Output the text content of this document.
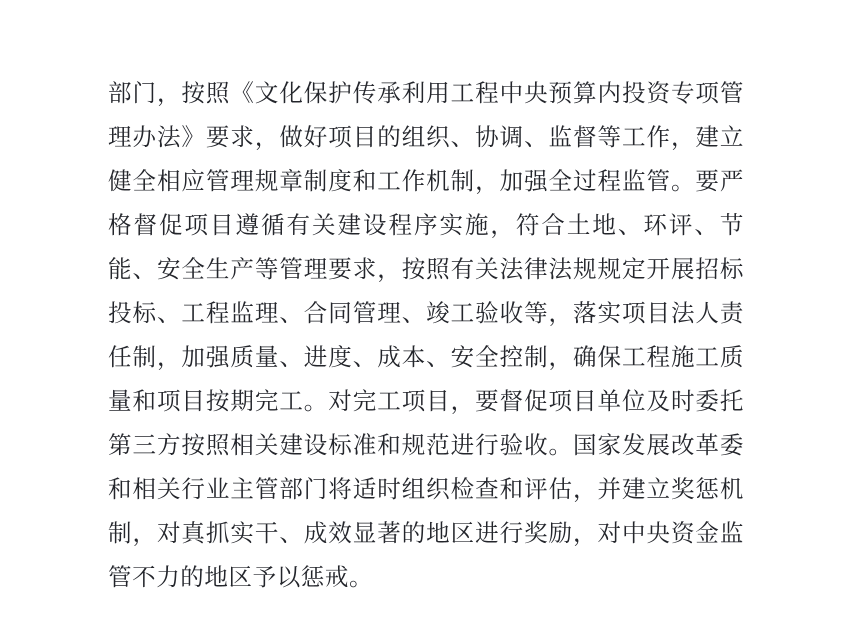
部门，按照《文化保护传承利用工程中央预算内投资专项管理办法》要求，做好项目的组织、协调、监督等工作，建立健全相应管理规章制度和工作机制，加强全过程监管。要严格督促项目遵循有关建设程序实施，符合土地、环评、节能、安全生产等管理要求，按照有关法律法规规定开展招标投标、工程监理、合同管理、竣工验收等，落实项目法人责任制，加强质量、进度、成本、安全控制，确保工程施工质量和项目按期完工。对完工项目，要督促项目单位及时委托第三方按照相关建设标准和规范进行验收。国家发展改革委和相关行业主管部门将适时组织检查和评估，并建立奖惩机制，对真抓实干、成效显著的地区进行奖励，对中央资金监管不力的地区予以惩戒。
